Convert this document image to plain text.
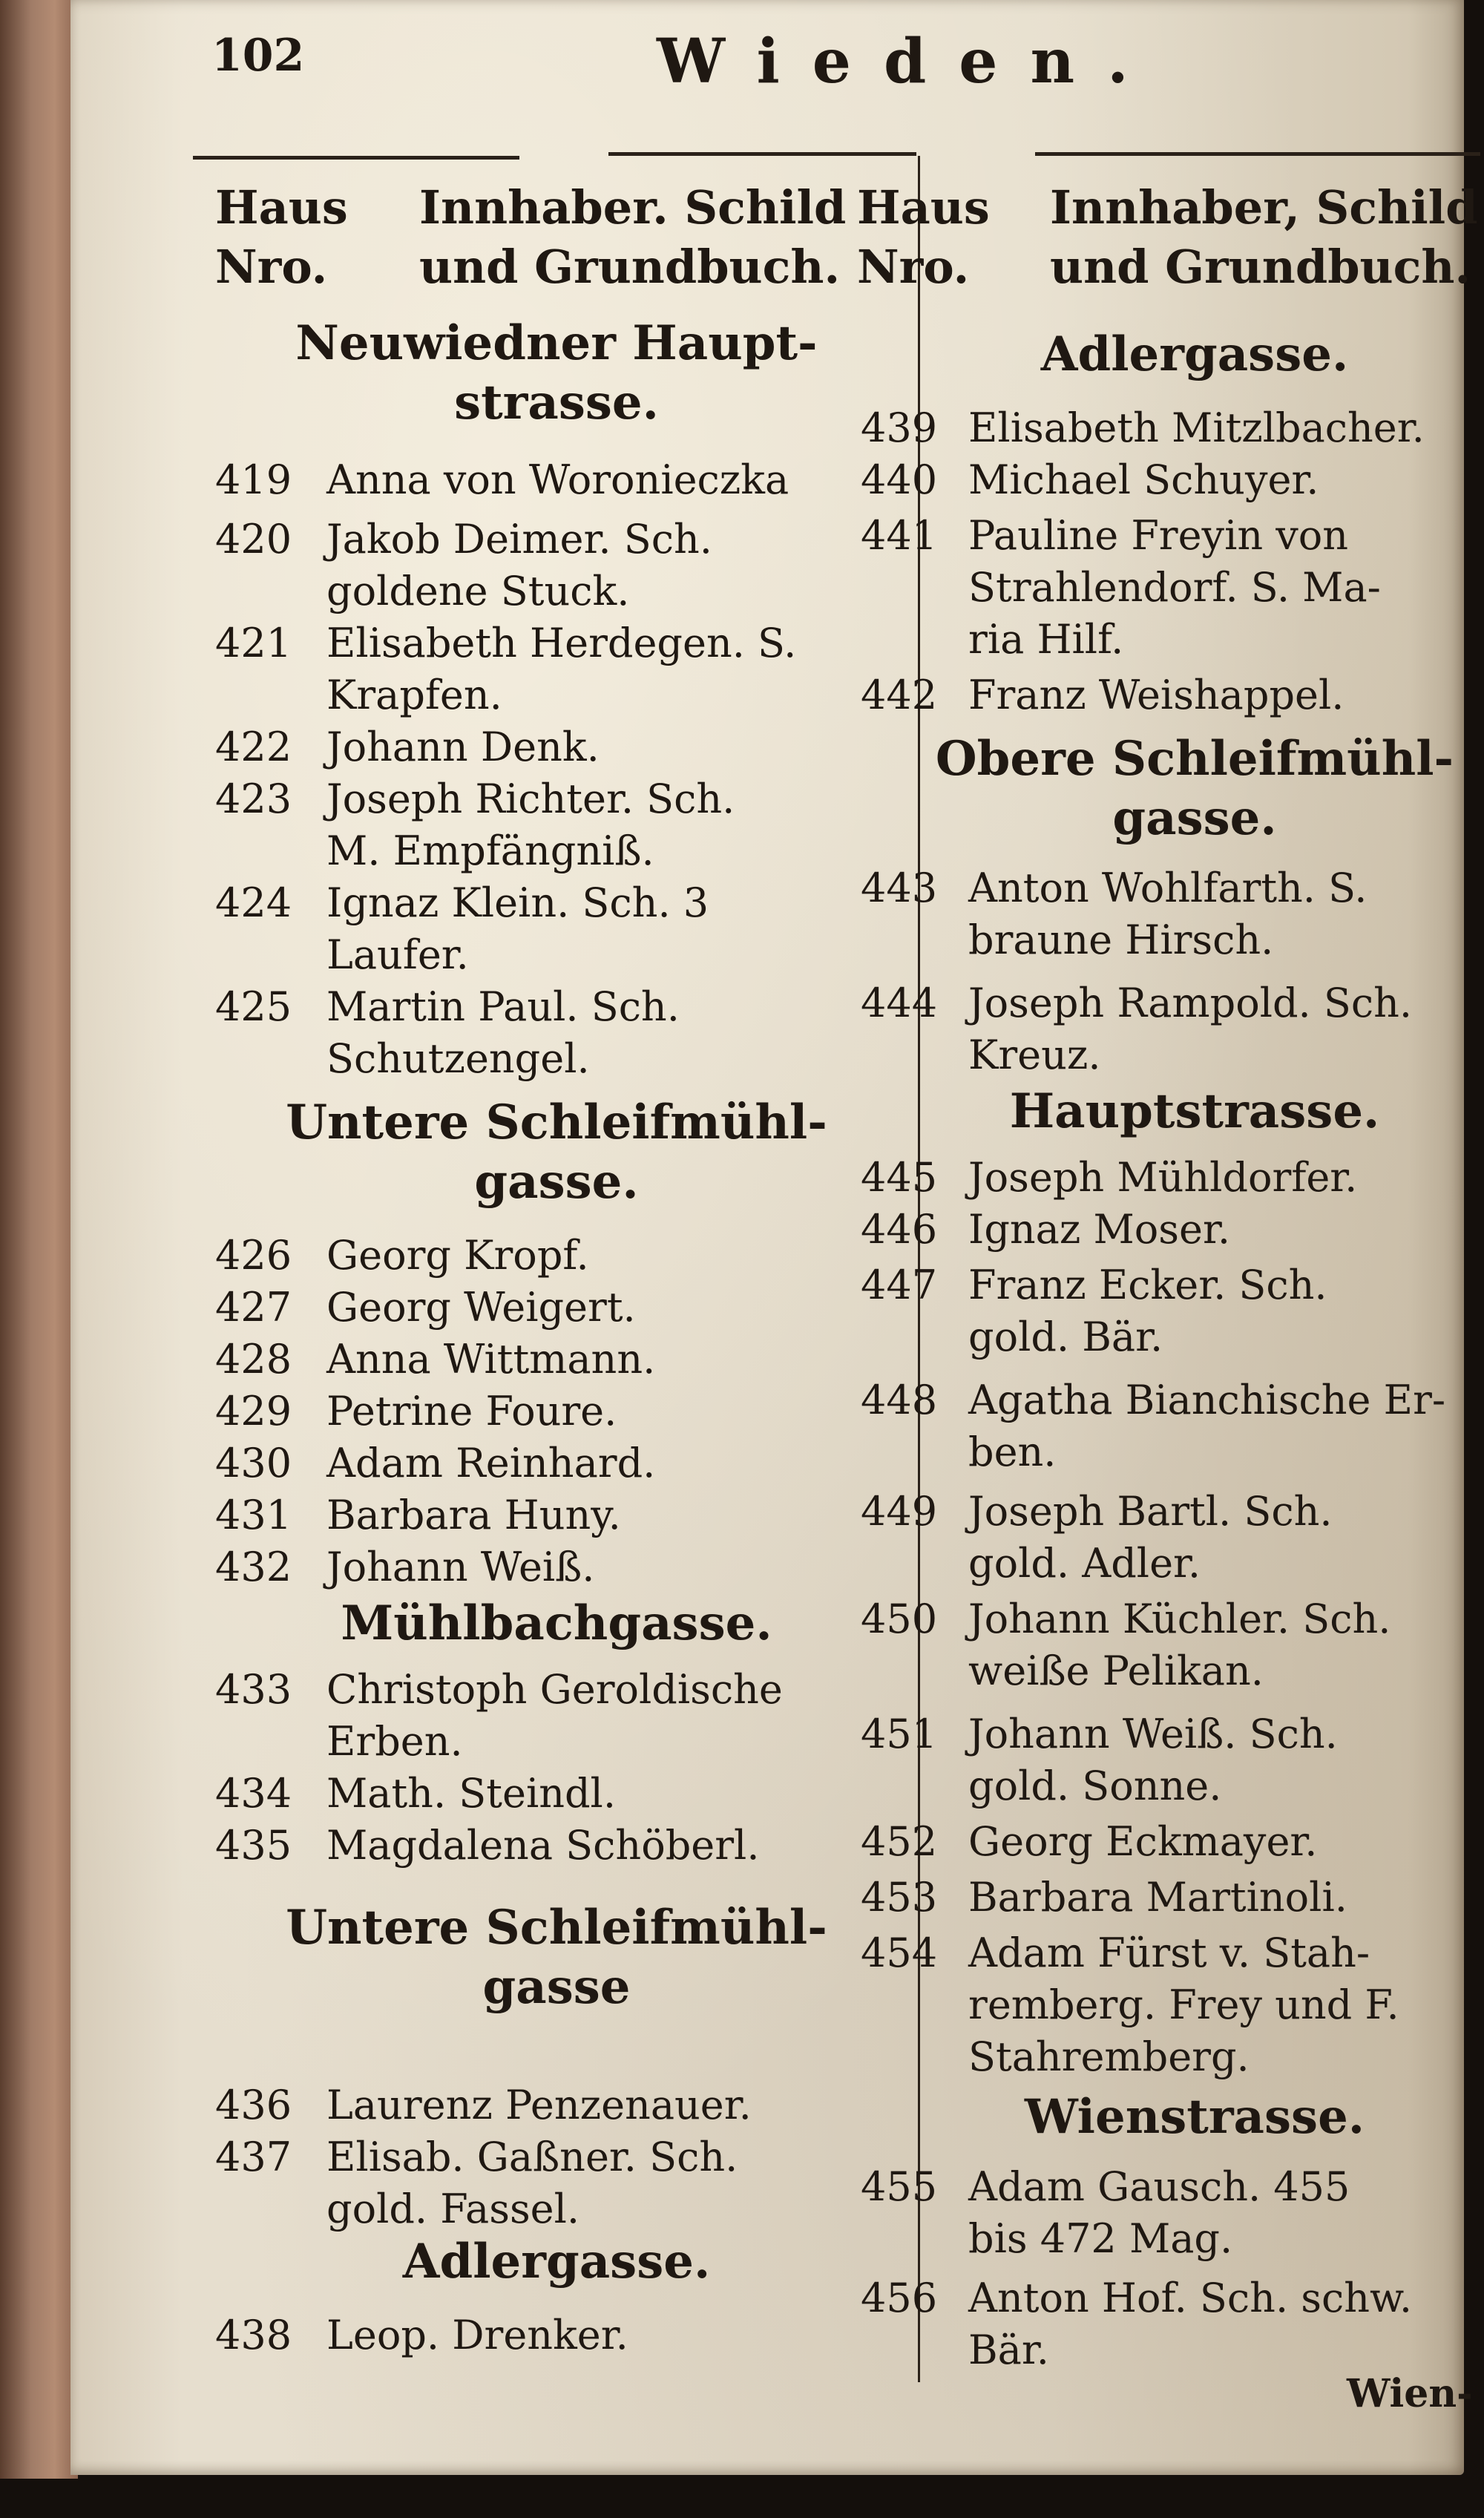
102	Wieden.
Haus
Nro.
Innhaber. Schild
und Grundbuch.
Haus
Nro.
Innhaber, Schild
und Grundbuch.
Neuwiedner Haupt-
strasse.
419 Anna von Woronieczka
420 Jakob Deimer. Sch.
goldene Stuck.
421 Elisabeth Herdegen. S.
Krapfen.
422 Johann Denk.
423 Joseph Richter. Sch.
M. Empfängniß.
424 Ignaz Klein. Sch. 3
Laufer.
425 Martin Paul. Sch.
Schutzengel.
Untere Schleifmühl-
gasse.
426 Georg Kropf.
427 Georg Weigert.
428 Anna Wittmann.
429 Petrine Foure.
430 Adam Reinhard.
431 Barbara Huny.
432 Johann Weiß.
Mühlbachgasse.
433 Christoph Geroldische
Erben.
434 Math. Steindl.
435 Magdalena Schöberl.
Untere Schleifmühl-
gasse
436 Laurenz Penzenauer.
437 Elisab. Gaßner. Sch.
gold. Fassel.
Adlergasse.
438 Leop. Drenker.
Adlergasse.
439 Elisabeth Mitzlbacher.
440 Michael Schuyer.
441 Pauline Freyin von
Strahlendorf. S. Ma-
ria Hilf.
442 Franz Weishappel.
Obere Schleifmühl-
gasse.
443 Anton Wohlfarth. S.
braune Hirsch.
444 Joseph Rampold. Sch.
Kreuz.
Hauptstrasse.
445 Joseph Mühldorfer.
446 Ignaz Moser.
447 Franz Ecker. Sch.
gold. Bär.
448 Agatha Bianchische Er-
ben.
449 Joseph Bartl. Sch.
gold. Adler.
450 Johann Küchler. Sch.
weiße Pelikan.
451 Johann Weiß. Sch.
gold. Sonne.
452 Georg Eckmayer.
453 Barbara Martinoli.
454 Adam Fürst v. Stah-
remberg. Frey und F.
Stahremberg.
Wienstrasse.
455 Adam Gausch. 455
bis 472 Mag.
456 Anton Hof. Sch. schw.
Bär.
Wien-
